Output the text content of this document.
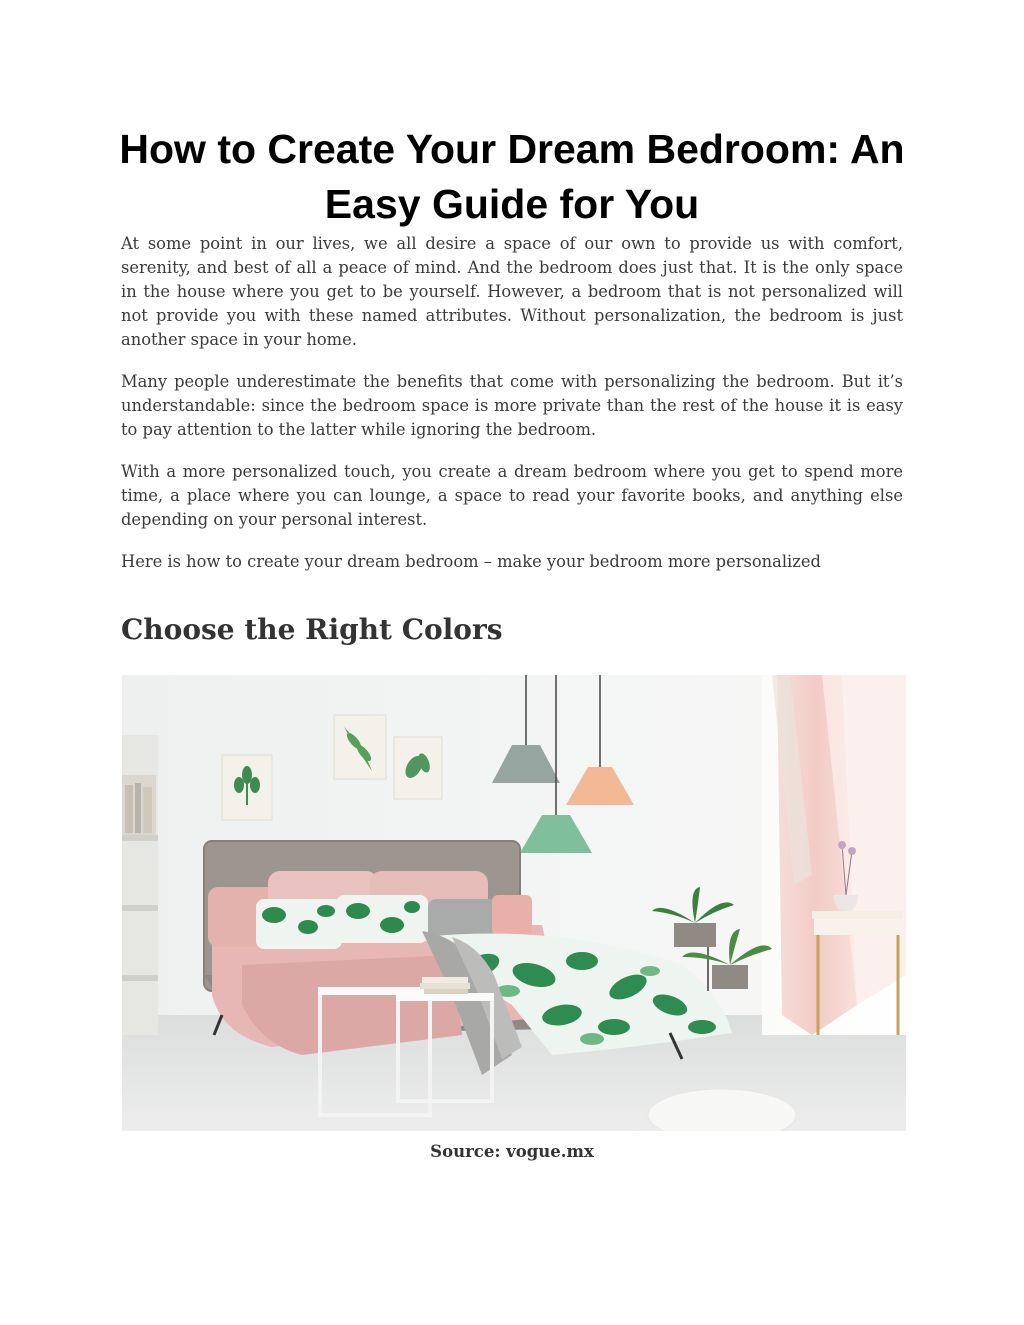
How to Create Your Dream Bedroom: An Easy Guide for You

At some point in our lives, we all desire a space of our own to provide us with comfort, serenity, and best of all a peace of mind. And the bedroom does just that. It is the only space in the house where you get to be yourself. However, a bedroom that is not personalized will not provide you with these named attributes. Without personalization, the bedroom is just another space in your home.

Many people underestimate the benefits that come with personalizing the bedroom. But it’s understandable: since the bedroom space is more private than the rest of the house it is easy to pay attention to the latter while ignoring the bedroom.

With a more personalized touch, you create a dream bedroom where you get to spend more time, a place where you can lounge, a space to read your favorite books, and anything else depending on your personal interest.

Here is how to create your dream bedroom – make your bedroom more personalized

Choose the Right Colors

Source: vogue.mx
